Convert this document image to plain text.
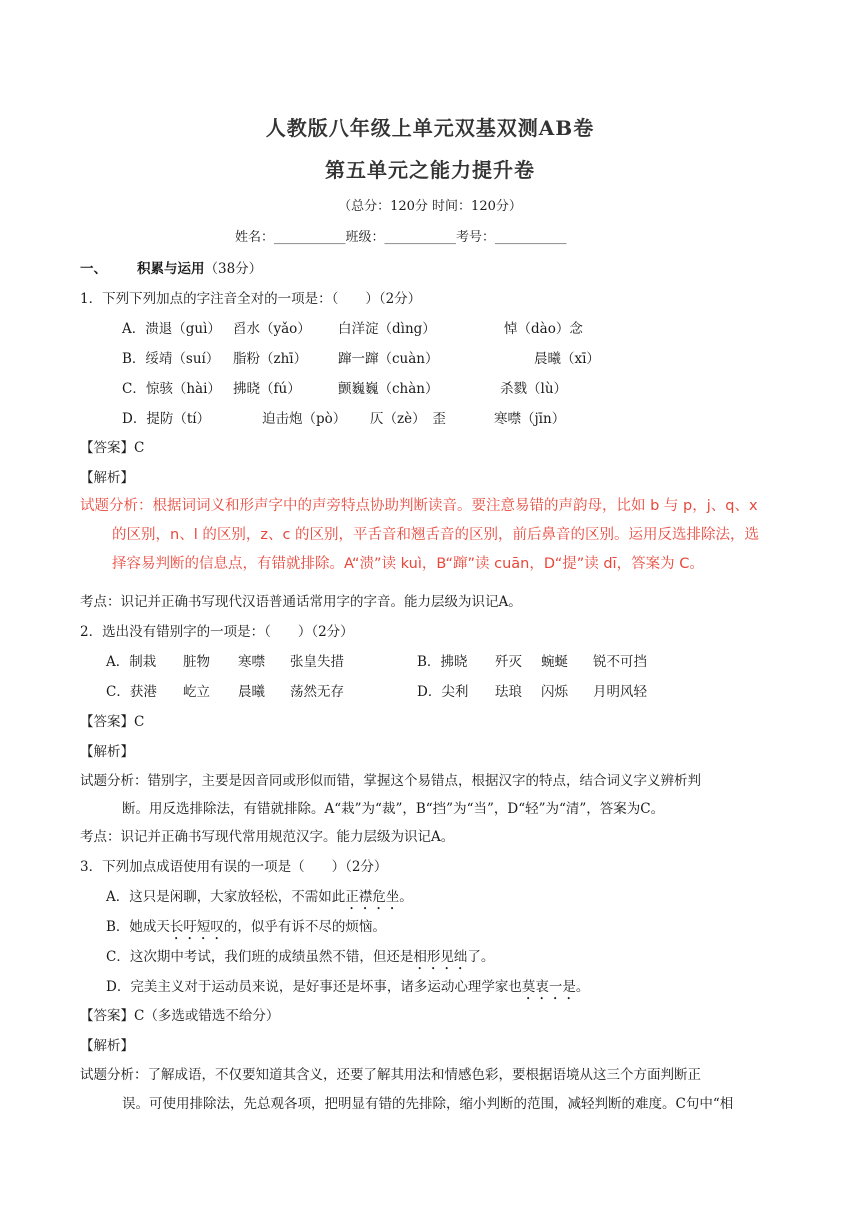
人教版八年级上单元双基双测AB卷
第五单元之能力提升卷
（总分：120分 时间：120分）
姓名：___________班级：___________考号：___________
一、 积累与运用（38分）
1．下列下列加点的字注音全对的一项是：（　　）（2分）
A．溃退（guì） 舀水（yǎo） 白洋淀（dìng）	悼（dào）念
B．绥靖（suí） 脂粉（zhī） 蹿一蹿（cuàn）	晨曦（xī）
C．惊骇（hài） 拂晓（fú）	颤巍巍（chàn）	杀戮（lù）
D．提防（tí）	迫击炮（pò） 仄（zè）　歪	寒噤（jīn）
【答案】C
【解析】
试题分析：根据词词义和形声字中的声旁特点协助判断读音。要注意易错的声韵母，比如 b 与 p，j、q、x
的区别，n、l 的区别，z、c 的区别，平舌音和翘舌音的区别，前后鼻音的区别。运用反选排除法，选
择容易判断的信息点，有错就排除。A“溃”读 kuì，B“蹿”读 cuān，D“提”读 dī，答案为 C。
考点：识记并正确书写现代汉语普通话常用字的字音。能力层级为识记A。
2．选出没有错别字的一项是：（　　）（2分）
A．制栽 脏物 寒噤 张皇失措	B．拂晓 歼灭 蜿蜒 锐不可挡
C．获港 屹立 晨曦 荡然无存	D．尖利 珐琅 闪烁 月明风轻
【答案】C
【解析】
试题分析：错别字，主要是因音同或形似而错，掌握这个易错点，根据汉字的特点，结合词义字义辨析判
断。用反选排除法，有错就排除。A“栽”为“裁”，B“挡”为“当”，D“轻”为“清”，答案为C。
考点：识记并正确书写现代常用规范汉字。能力层级为识记A。
3．下列加点成语使用有误的一项是（　　）（2分）
A．这只是闲聊，大家放轻松，不需如此正襟危坐。
B．她成天长吁短叹的，似乎有诉不尽的烦恼。
C．这次期中考试，我们班的成绩虽然不错，但还是相形见绌了。
D．完美主义对于运动员来说，是好事还是坏事，诸多运动心理学家也莫衷一是。
【答案】C（多选或错选不给分）
【解析】
试题分析：了解成语，不仅要知道其含义，还要了解其用法和情感色彩，要根据语境从这三个方面判断正
误。可使用排除法，先总观各项，把明显有错的先排除，缩小判断的范围，减轻判断的难度。C句中“相
